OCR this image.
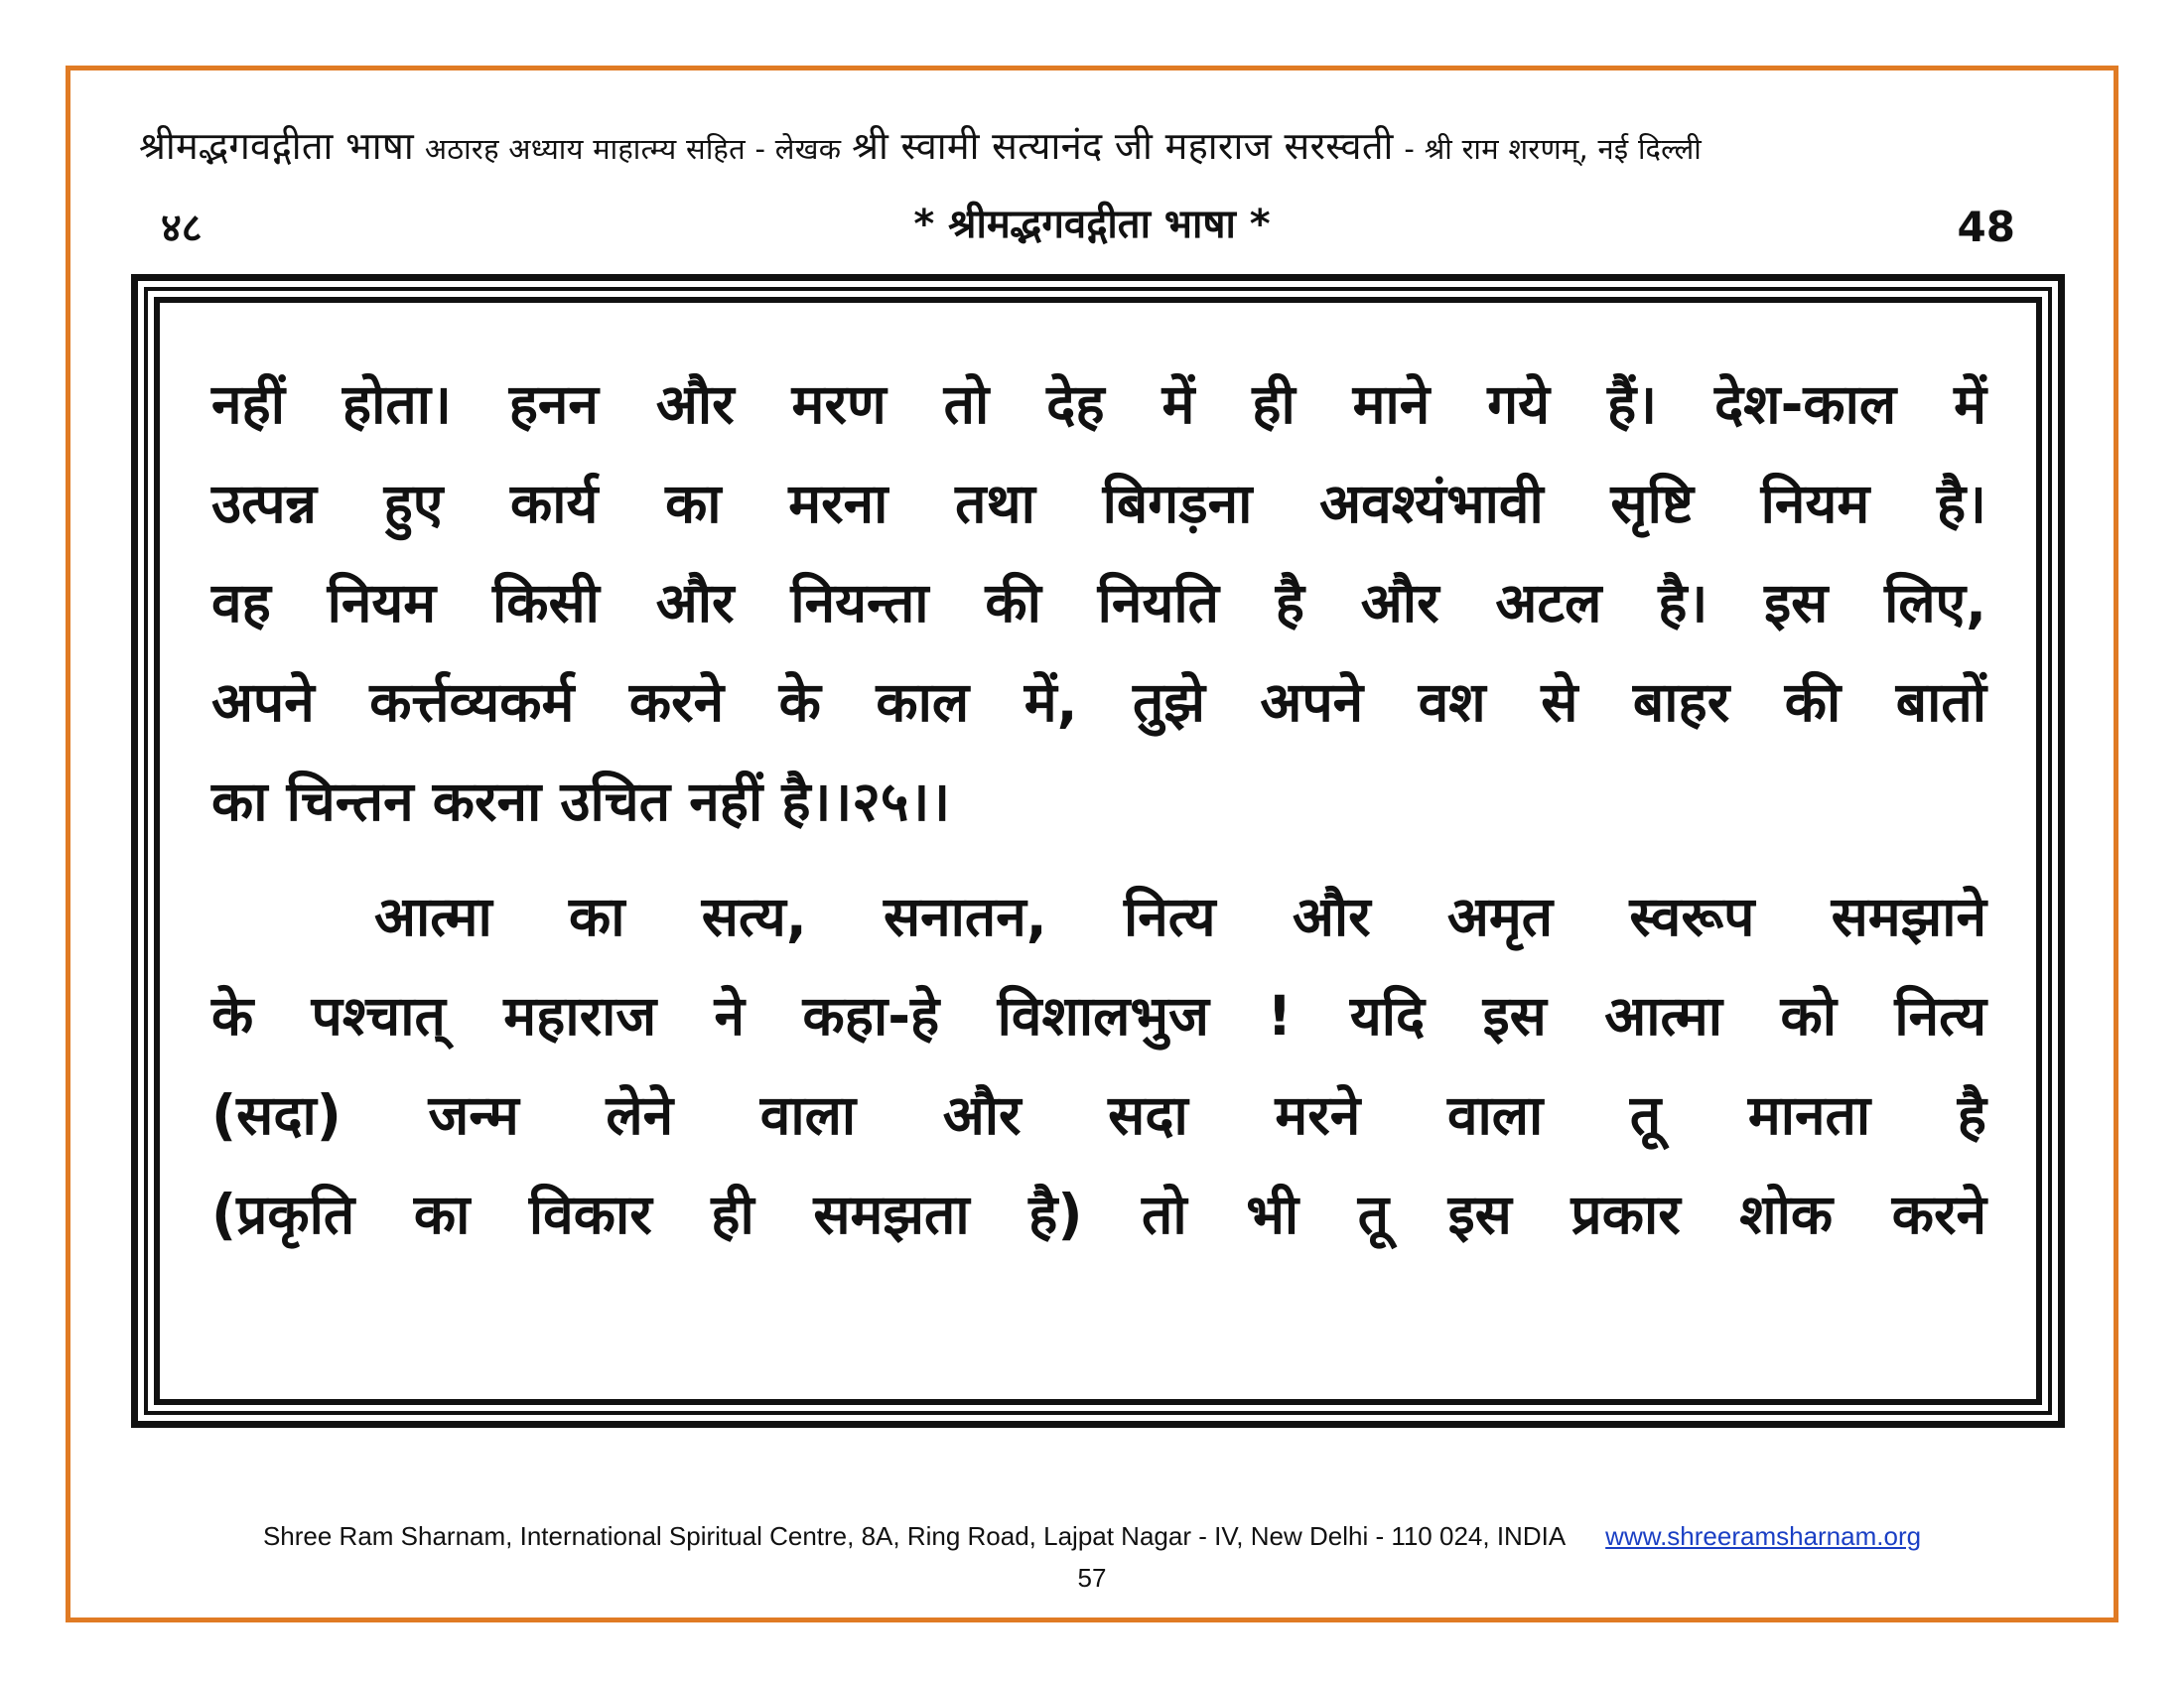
श्रीमद्भगवद्गीता भाषा अठारह अध्याय माहात्म्य सहित - लेखक श्री स्वामी सत्यानंद जी महाराज सरस्वती - श्री राम शरणम्, नई दिल्ली
४८	* श्रीमद्भगवद्गीता भाषा *	48
नहीं होता। हनन और मरण तो देह में ही माने गये हैं। देश-काल में
उत्पन्न हुए कार्य का मरना तथा बिगड़ना अवश्यंभावी सृष्टि नियम है।
वह नियम किसी और नियन्ता की नियति है और अटल है। इस लिए,
अपने कर्त्तव्यकर्म करने के काल में, तुझे अपने वश से बाहर की बातों
का चिन्तन करना उचित नहीं है।।२५।।
आत्मा का सत्य, सनातन, नित्य और अमृत स्वरूप समझाने
के पश्चात् महाराज ने कहा-हे विशालभुज ! यदि इस आत्मा को नित्य
(सदा) जन्म लेने वाला और सदा मरने वाला तू मानता है
(प्रकृति का विकार ही समझता है) तो भी तू इस प्रकार शोक करने
Shree Ram Sharnam, International Spiritual Centre, 8A, Ring Road, Lajpat Nagar - IV, New Delhi - 110 024, INDIA www.shreeramsharnam.org
57
